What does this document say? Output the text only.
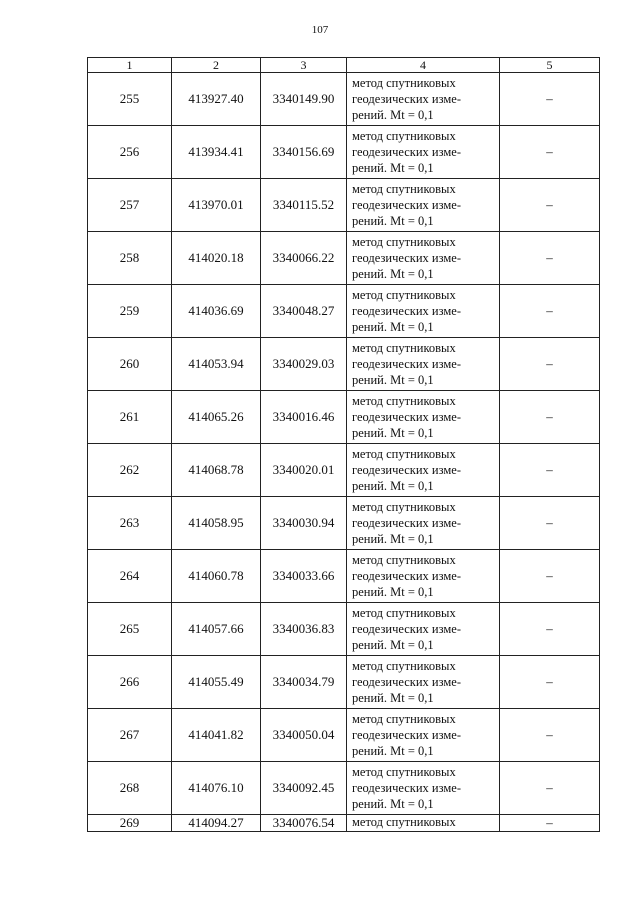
107
1	2	3	4	5
255	413927.40	3340149.90	метод спутниковых
геодезических изме-
рений. Mt = 0,1	–
256	413934.41	3340156.69	метод спутниковых
геодезических изме-
рений. Mt = 0,1	–
257	413970.01	3340115.52	метод спутниковых
геодезических изме-
рений. Mt = 0,1	–
258	414020.18	3340066.22	метод спутниковых
геодезических изме-
рений. Mt = 0,1	–
259	414036.69	3340048.27	метод спутниковых
геодезических изме-
рений. Mt = 0,1	–
260	414053.94	3340029.03	метод спутниковых
геодезических изме-
рений. Mt = 0,1	–
261	414065.26	3340016.46	метод спутниковых
геодезических изме-
рений. Mt = 0,1	–
262	414068.78	3340020.01	метод спутниковых
геодезических изме-
рений. Mt = 0,1	–
263	414058.95	3340030.94	метод спутниковых
геодезических изме-
рений. Mt = 0,1	–
264	414060.78	3340033.66	метод спутниковых
геодезических изме-
рений. Mt = 0,1	–
265	414057.66	3340036.83	метод спутниковых
геодезических изме-
рений. Mt = 0,1	–
266	414055.49	3340034.79	метод спутниковых
геодезических изме-
рений. Mt = 0,1	–
267	414041.82	3340050.04	метод спутниковых
геодезических изме-
рений. Mt = 0,1	–
268	414076.10	3340092.45	метод спутниковых
геодезических изме-
рений. Mt = 0,1	–
269	414094.27	3340076.54	метод спутниковых	–
